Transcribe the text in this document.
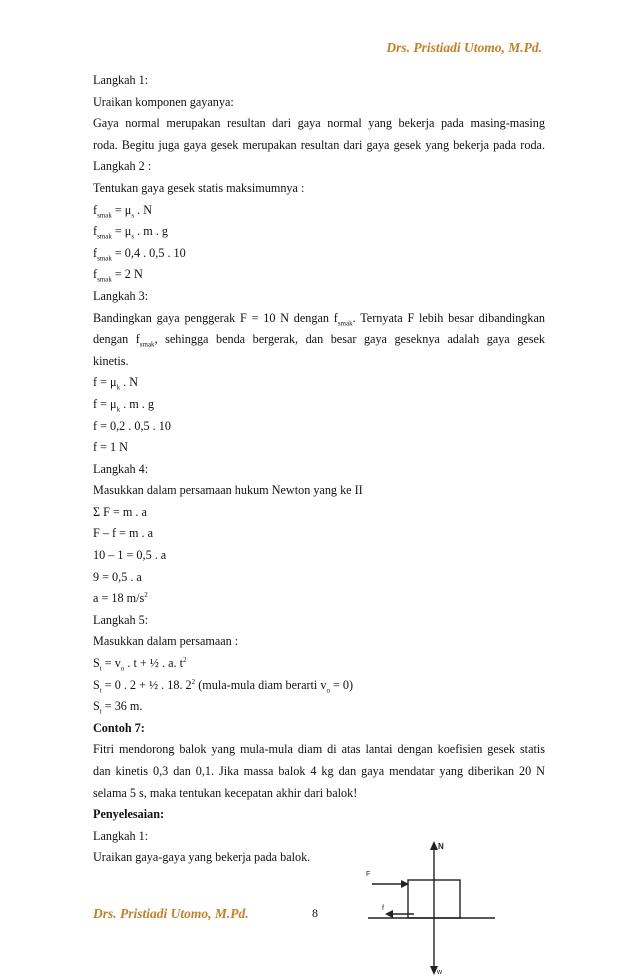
Drs. Pristiadi Utomo, M.Pd.

Langkah 1:

Uraikan komponen gayanya:

Gaya normal merupakan resultan dari gaya normal yang bekerja pada masing-masing

roda. Begitu juga gaya gesek merupakan resultan dari gaya gesek yang bekerja pada roda.

Langkah 2 :

Tentukan gaya gesek statis maksimumnya :

$f_{smak} = \mu_s$ . N

$f_{smak} = \mu_s$ . m . g

$f_{smak} = 0,4$ . 0,5 . 10

$f_{smak} = 2$ N

Langkah 3:

Bandingkan gaya penggerak F = 10 N dengan $f_{smak}$. Ternyata F lebih besar dibandingkan

dengan $f_{smak}$, sehingga benda bergerak, dan besar gaya geseknya adalah gaya gesek

kinetis.

$f = \mu_k$ . N

$f = \mu_k$ . m . g

f = 0,2 . 0,5 . 10

f = 1 N

Langkah 4:

Masukkan dalam persamaan hukum Newton yang ke II

Σ F = m . a

F – f = m . a

10 – 1 = 0,5 . a

9 = 0,5 . a

a = 18 $m/s^2$

Langkah 5:

Masukkan dalam persamaan :

$S_t = v_o$ . t + ½ . a. $t^2$

$S_t = 0$ . 2 + ½ . 18. $2^2$ (mula-mula diam berarti $v_o = 0$)

$S_t = 36$ m.

Contoh 7:

Fitri mendorong balok yang mula-mula diam di atas lantai dengan koefisien gesek statis

dan kinetis 0,3 dan 0,1. Jika massa balok 4 kg dan gaya mendatar yang diberikan 20 N

selama 5 s, maka tentukan kecepatan akhir dari balok!

Penyelesaian:

Langkah 1:

Uraikan gaya-gaya yang bekerja pada balok.

N
F
f
w
Drs. Pristiadi Utomo, M.Pd.	8
